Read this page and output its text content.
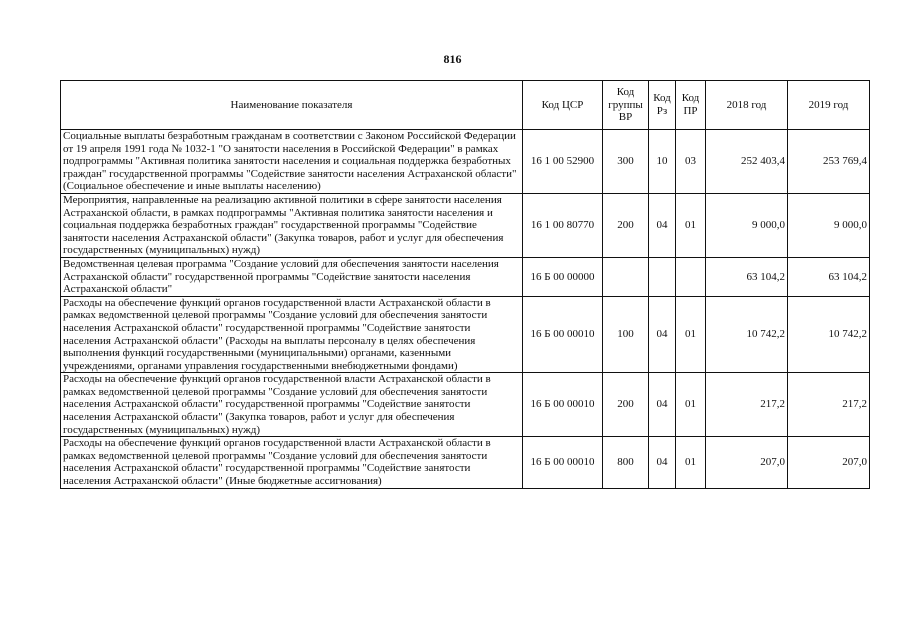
816
Наименование показателя	Код ЦСР	Код группы ВР	Код Рз	Код ПР	2018 год	2019 год
Социальные выплаты безработным гражданам в соответствии с Законом Российской Федерации от 19 апреля 1991 года № 1032-1 "О занятости населения в Российской Федерации" в рамках подпрограммы "Активная политика занятости населения и социальная поддержка безработных граждан" государственной программы "Содействие занятости населения Астраханской области" (Социальное обеспечение и иные выплаты населению)	16 1 00 52900	300	10	03	252 403,4	253 769,4
Мероприятия, направленные на реализацию активной политики в сфере занятости населения Астраханской области, в рамках подпрограммы "Активная политика занятости населения и социальная поддержка безработных граждан" государственной программы "Содействие занятости населения Астраханской области" (Закупка товаров, работ и услуг для обеспечения государственных (муниципальных) нужд)	16 1 00 80770	200	04	01	9 000,0	9 000,0
Ведомственная целевая программа "Создание условий для обеспечения занятости населения Астраханской области" государственной программы "Содействие занятости населения Астраханской области"	16 Б 00 00000				63 104,2	63 104,2
Расходы на обеспечение функций органов государственной власти Астраханской области в рамках ведомственной целевой программы "Создание условий для обеспечения занятости населения Астраханской области" государственной программы "Содействие занятости населения Астраханской области" (Расходы на выплаты персоналу в целях обеспечения выполнения функций государственными (муниципальными) органами, казенными учреждениями, органами управления государственными внебюджетными фондами)	16 Б 00 00010	100	04	01	10 742,2	10 742,2
Расходы на обеспечение функций органов государственной власти Астраханской области в рамках ведомственной целевой программы "Создание условий для обеспечения занятости населения Астраханской области" государственной программы "Содействие занятости населения Астраханской области" (Закупка товаров, работ и услуг для обеспечения государственных (муниципальных) нужд)	16 Б 00 00010	200	04	01	217,2	217,2
Расходы на обеспечение функций органов государственной власти Астраханской области в рамках ведомственной целевой программы "Создание условий для обеспечения занятости населения Астраханской области" государственной программы "Содействие занятости населения Астраханской области" (Иные бюджетные ассигнования)	16 Б 00 00010	800	04	01	207,0	207,0
